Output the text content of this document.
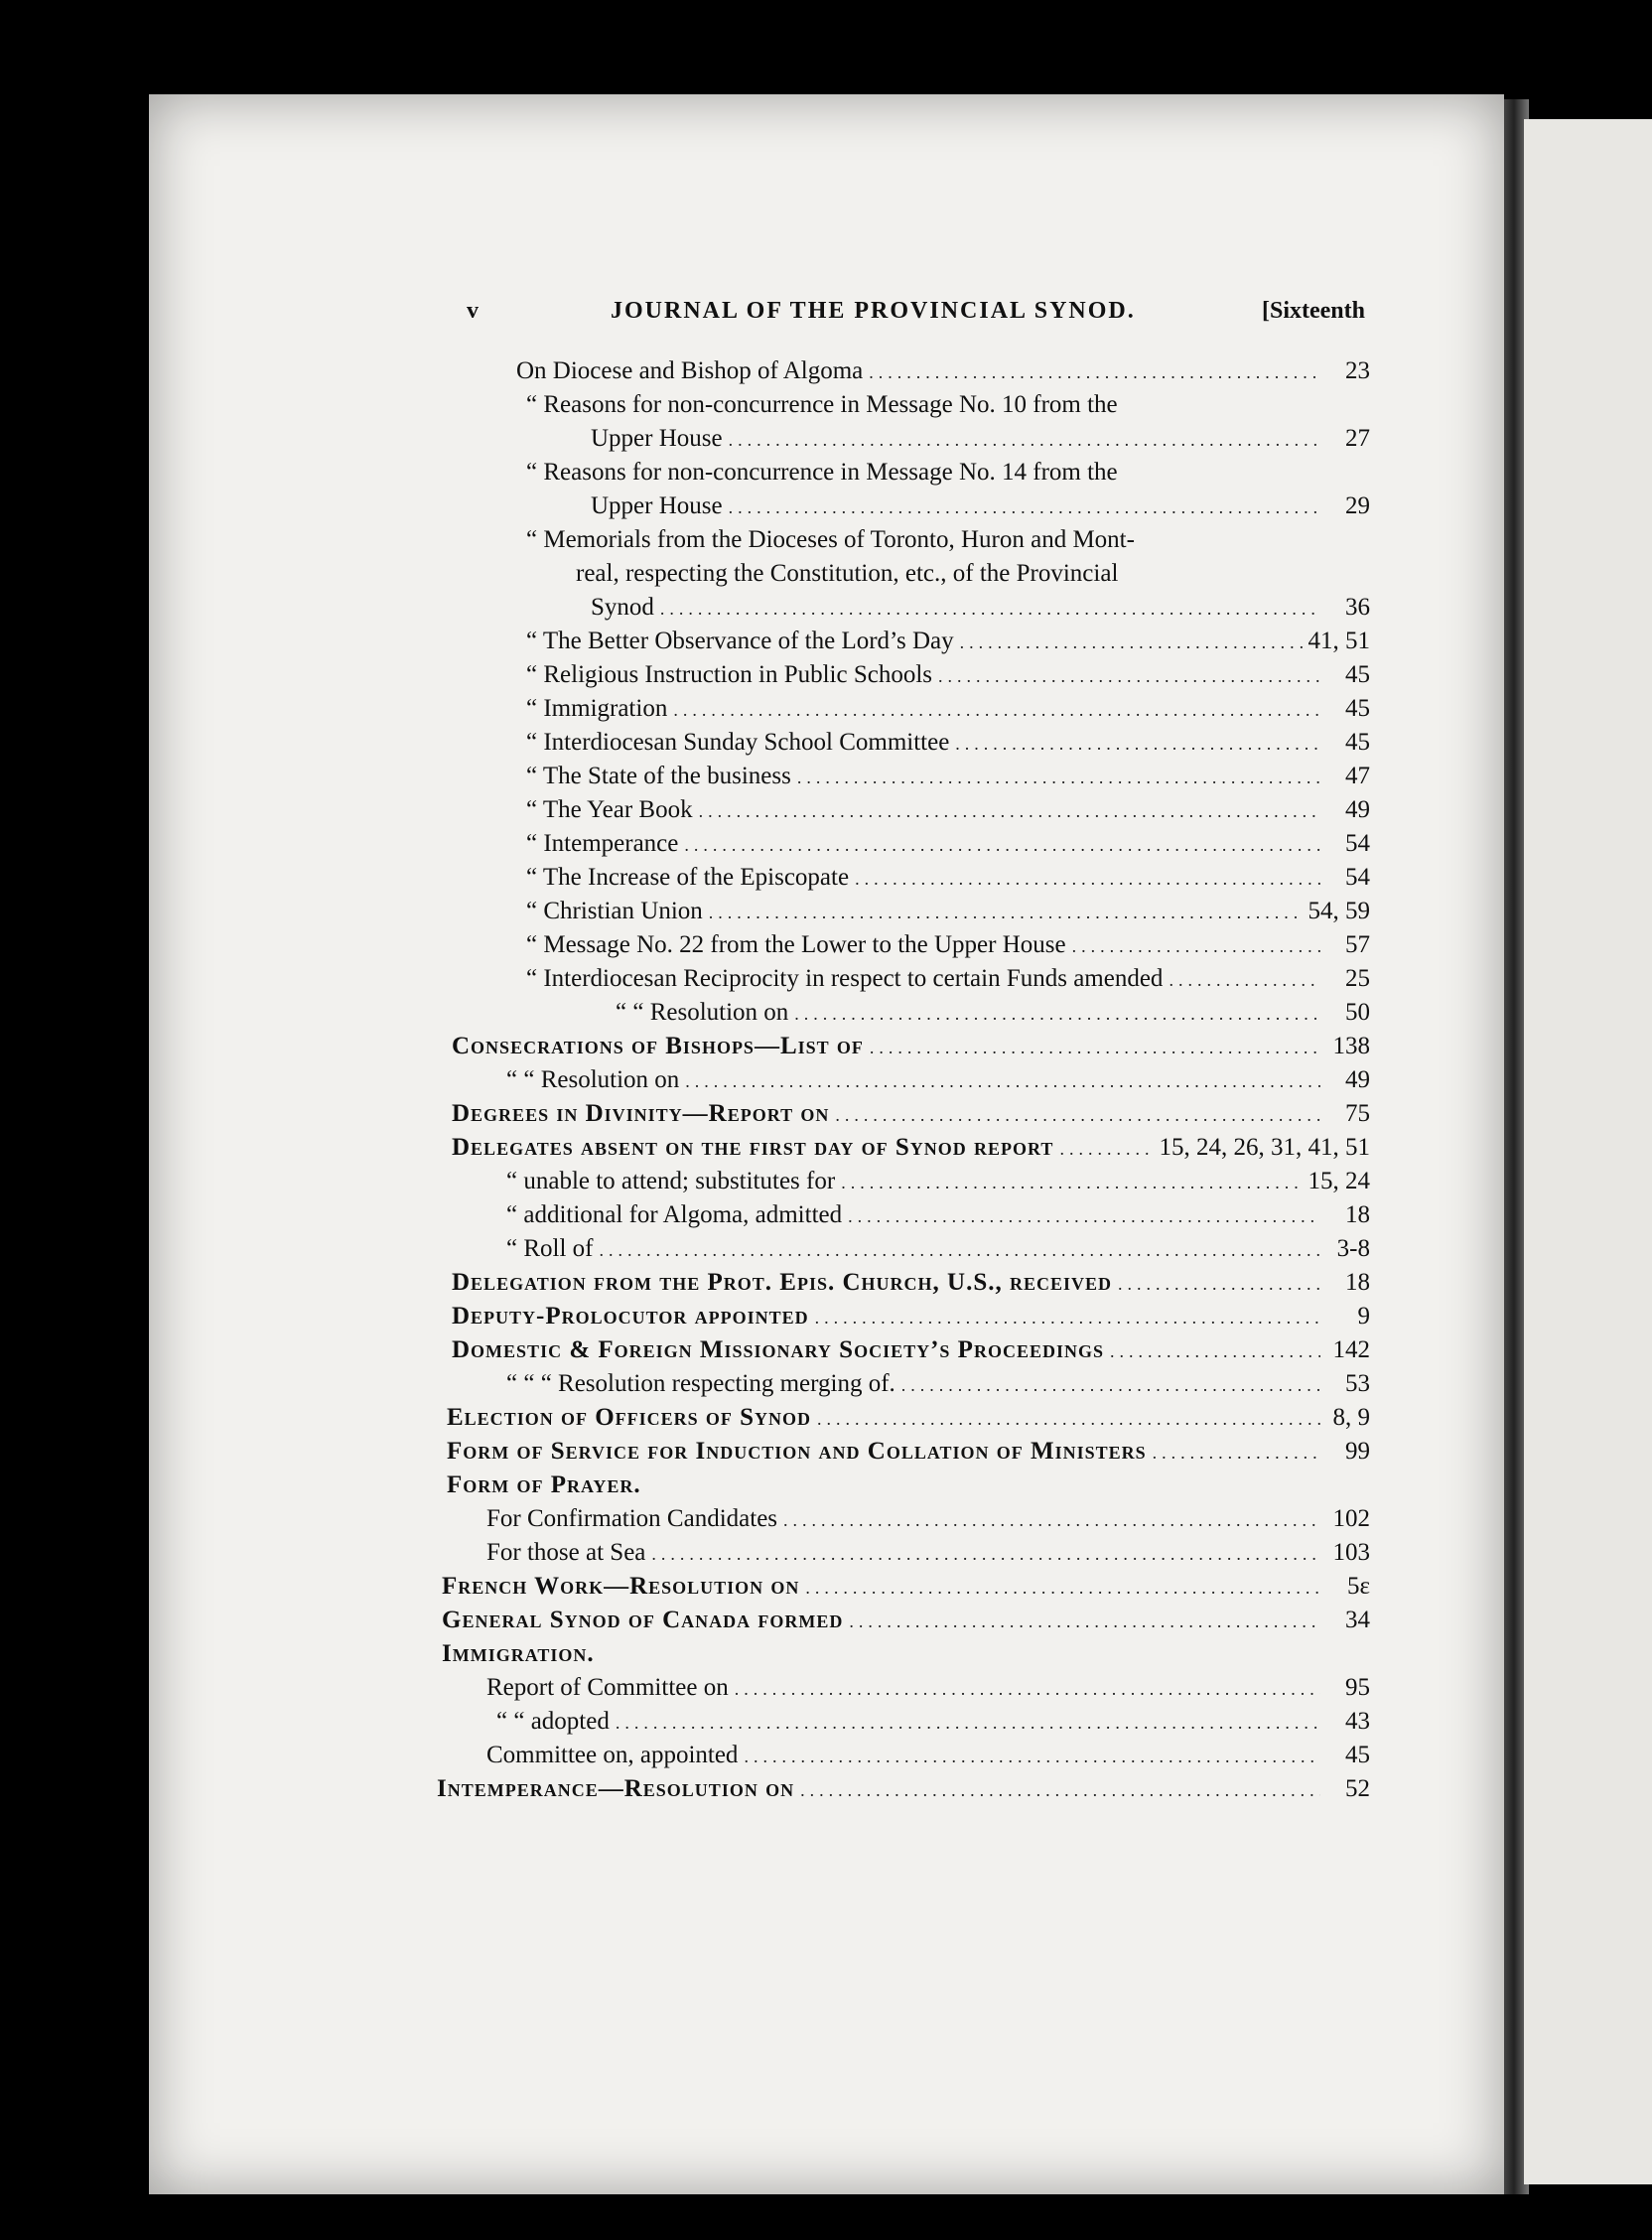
v	JOURNAL OF THE PROVINCIAL SYNOD.	[Sixteenth
On Diocese and Bishop of Algoma .....	23
“ Reasons for non-concurrence in Message No. 10 from the
Upper House .....	27
“ Reasons for non-concurrence in Message No. 14 from the
Upper House .....	29
“ Memorials from the Dioceses of Toronto, Huron and Mont-
real, respecting the Constitution, etc., of the Provincial
Synod .....	36
“ The Better Observance of the Lord’s Day .....	41, 51
“ Religious Instruction in Public Schools .....	45
“ Immigration .....	45
“ Interdiocesan Sunday School Committee .....	45
“ The State of the business .....	47
“ The Year Book .....	49
“ Intemperance .....	54
“ The Increase of the Episcopate .....	54
“ Christian Union .....	54, 59
“ Message No. 22 from the Lower to the Upper House .....	57
“ Interdiocesan Reciprocity in respect to certain Funds amended .....	25
“ “ Resolution on .....	50
Consecrations of Bishops—List of .....	138
“ “ Resolution on .....	49
Degrees in Divinity—Report on .....	75
Delegates absent on the first day of Synod report .....	15, 24, 26, 31, 41, 51
“ unable to attend; substitutes for .....	15, 24
“ additional for Algoma, admitted .....	18
“ Roll of .....	3-8
Delegation from the Prot. Epis. Church, U.S., received .....	18
Deputy-Prolocutor appointed .....	9
Domestic & Foreign Missionary Society’s Proceedings .....	142
“ “ “ Resolution respecting merging of. .....	53
Election of Officers of Synod .....	8, 9
Form of Service for Induction and Collation of Ministers .....	99
Form of Prayer.
For Confirmation Candidates .....	102
For those at Sea .....	103
French Work—Resolution on .....	5ε
General Synod of Canada formed .....	34
Immigration.
Report of Committee on .....	95
“ “ adopted .....	43
Committee on, appointed .....	45
Intemperance—Resolution on .....	52
